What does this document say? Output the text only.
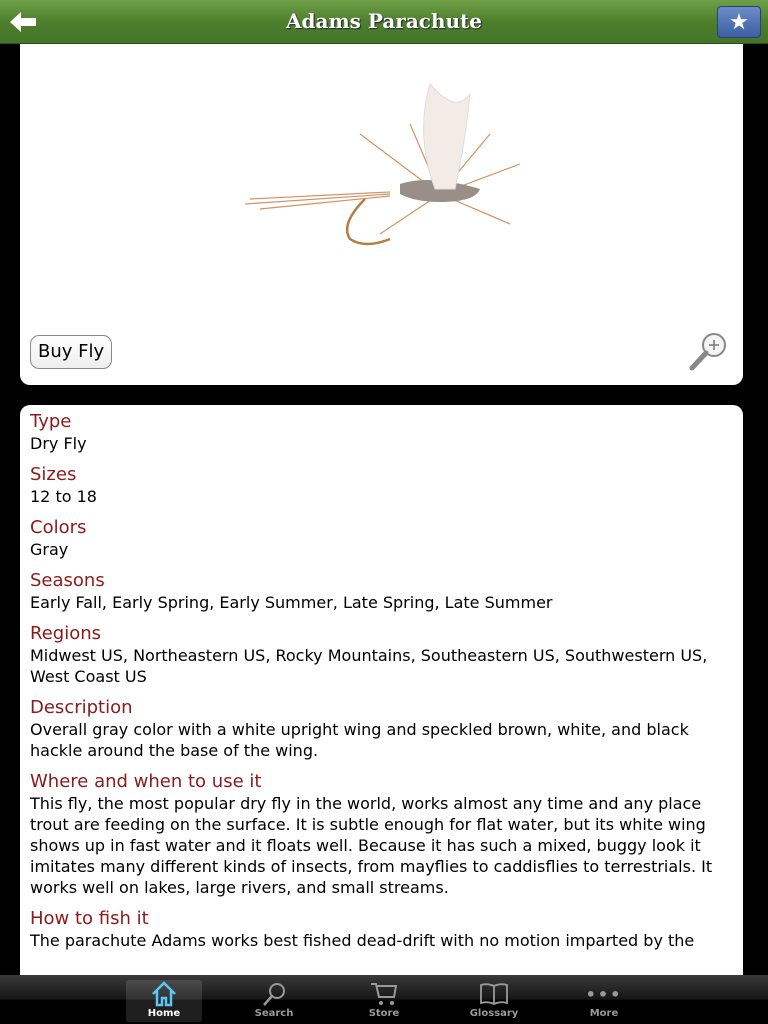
Adams Parachute	★
Buy Fly
Type
Dry Fly
Sizes
12 to 18
Colors
Gray
Seasons
Early Fall, Early Spring, Early Summer, Late Spring, Late Summer
Regions
Midwest US, Northeastern US, Rocky Mountains, Southeastern US, Southwestern US, West Coast US
Description
Overall gray color with a white upright wing and speckled brown, white, and black hackle around the base of the wing.
Where and when to use it
This fly, the most popular dry fly in the world, works almost any time and any place trout are feeding on the surface. It is subtle enough for flat water, but its white wing shows up in fast water and it floats well. Because it has such a mixed, buggy look it imitates many different kinds of insects, from mayflies to caddisflies to terrestrials. It works well on lakes, large rivers, and small streams.
How to fish it
The parachute Adams works best fished dead-drift with no motion imparted by the
Home	Search	Store	Glossary
•••
More
